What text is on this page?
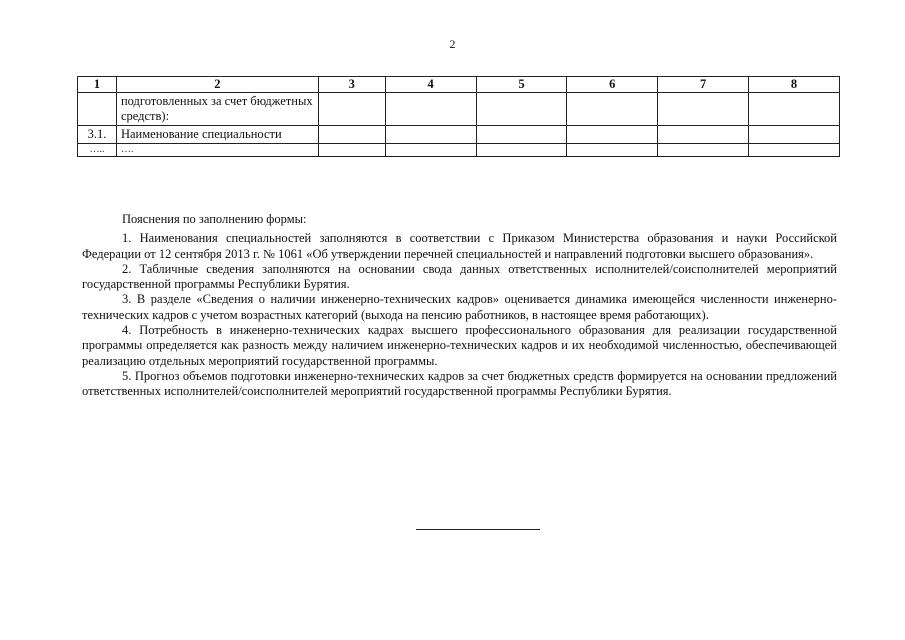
2
1	2	3	4	5	6	7	8
	подготовленных за счет бюджетных средств):						
3.1.	Наименование специальности						
…..	….						

Пояснения по заполнению формы:

1. Наименования специальностей заполняются в соответствии с Приказом Министерства образования и науки Российской Федерации от 12 сентября 2013 г. № 1061 «Об утверждении перечней специальностей и направлений подготовки высшего образования».

2. Табличные сведения заполняются на основании свода данных ответственных исполнителей/соисполнителей мероприятий государственной программы Республики Бурятия.

3. В разделе «Сведения о наличии инженерно-технических кадров» оценивается динамика имеющейся численности инженерно-технических кадров с учетом возрастных категорий (выхода на пенсию работников, в настоящее время работающих).

4. Потребность в инженерно-технических кадрах высшего профессионального образования для реализации государственной программы определяется как разность между наличием инженерно-технических кадров и их необходимой численностью, обеспечивающей реализацию отдельных мероприятий государственной программы.

5. Прогноз объемов подготовки инженерно-технических кадров за счет бюджетных средств формируется на основании предложений ответственных исполнителей/соисполнителей мероприятий государственной программы Республики Бурятия.
